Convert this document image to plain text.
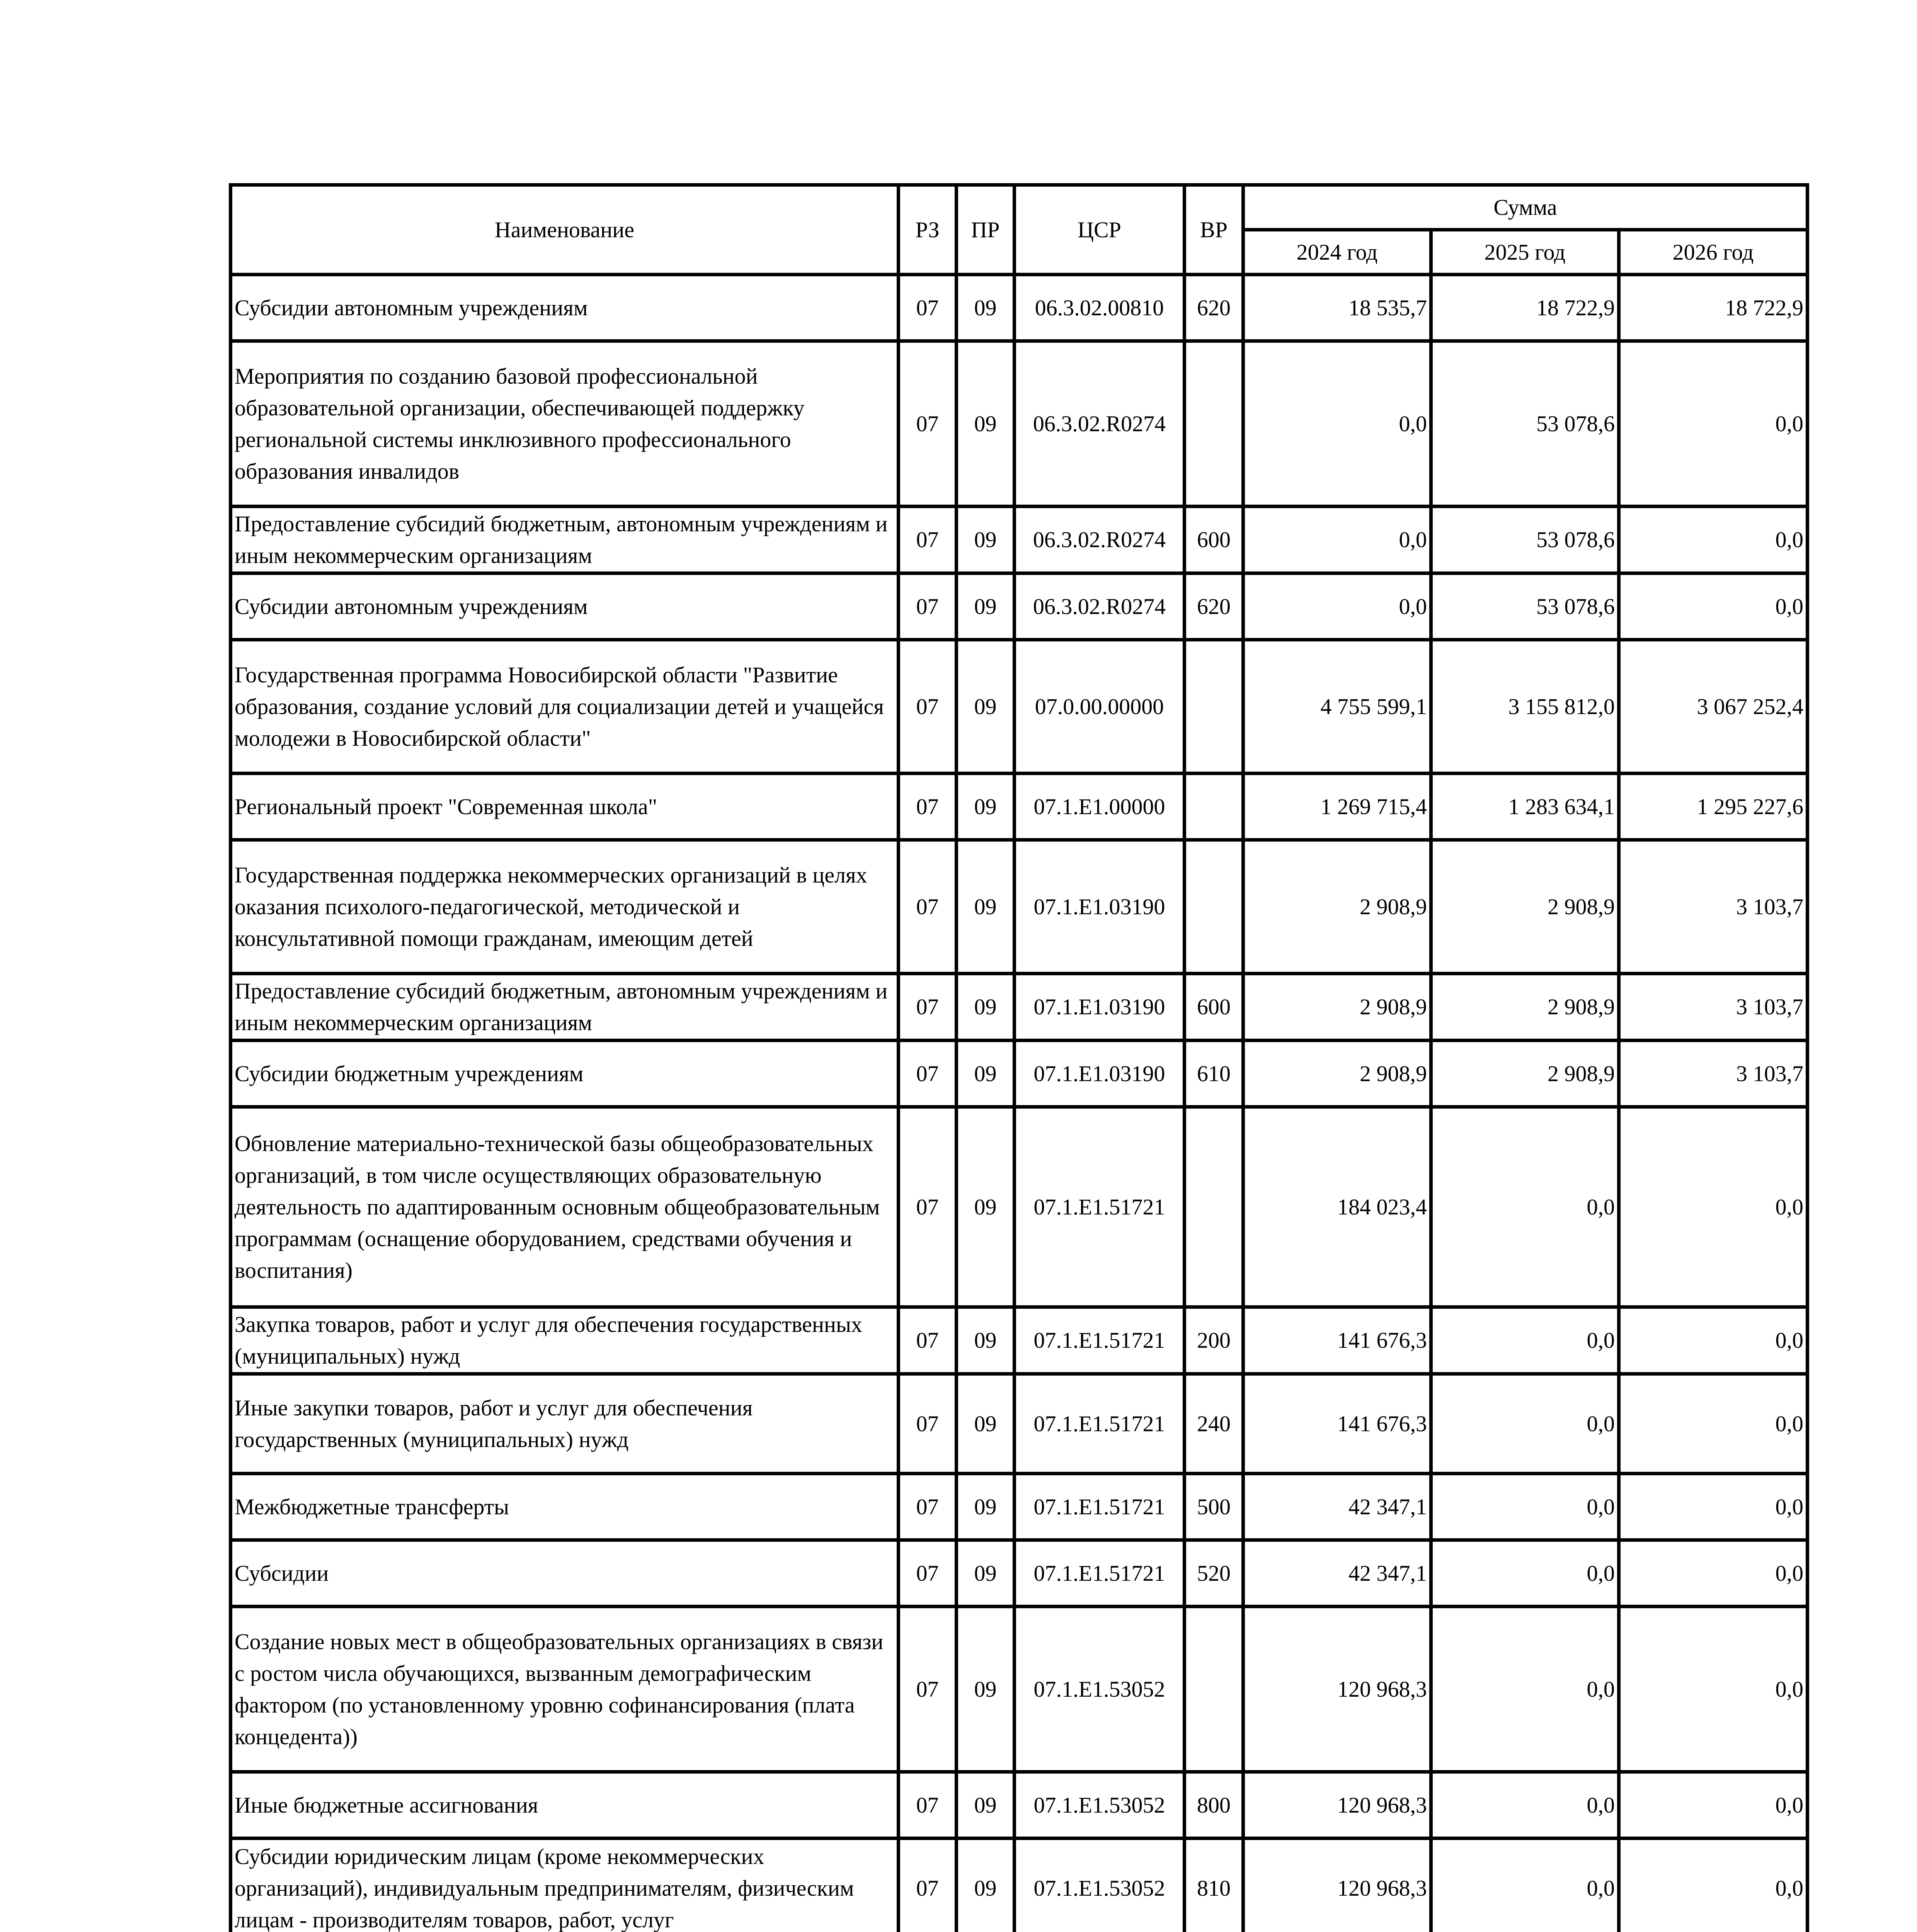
Наименование	РЗ	ПР	ЦСР	ВР	Сумма		
					2024 год	2025 год	2026 год
Субсидии автономным учреждениям	07	09	06.3.02.00810	620	18 535,7	18 722,9	18 722,9
Мероприятия по созданию базовой профессиональной образовательной организации, обеспечивающей поддержку региональной системы инклюзивного профессионального образования инвалидов	07	09	06.3.02.R0274		0,0	53 078,6	0,0
Предоставление субсидий бюджетным, автономным учреждениям и иным некоммерческим организациям	07	09	06.3.02.R0274	600	0,0	53 078,6	0,0
Субсидии автономным учреждениям	07	09	06.3.02.R0274	620	0,0	53 078,6	0,0
Государственная программа Новосибирской области "Развитие образования, создание условий для социализации детей и учащейся молодежи в Новосибирской области"	07	09	07.0.00.00000		4 755 599,1	3 155 812,0	3 067 252,4
Региональный проект "Современная школа"	07	09	07.1.E1.00000		1 269 715,4	1 283 634,1	1 295 227,6
Государственная поддержка некоммерческих организаций в целях оказания психолого-педагогической, методической и консультативной помощи гражданам, имеющим детей	07	09	07.1.E1.03190		2 908,9	2 908,9	3 103,7
Предоставление субсидий бюджетным, автономным учреждениям и иным некоммерческим организациям	07	09	07.1.E1.03190	600	2 908,9	2 908,9	3 103,7
Субсидии бюджетным учреждениям	07	09	07.1.E1.03190	610	2 908,9	2 908,9	3 103,7
Обновление материально-технической базы общеобразовательных организаций, в том числе осуществляющих образовательную деятельность по адаптированным основным общеобразовательным программам (оснащение оборудованием, средствами обучения и воспитания)	07	09	07.1.E1.51721		184 023,4	0,0	0,0
Закупка товаров, работ и услуг для обеспечения государственных (муниципальных) нужд	07	09	07.1.E1.51721	200	141 676,3	0,0	0,0
Иные закупки товаров, работ и услуг для обеспечения государственных (муниципальных) нужд	07	09	07.1.E1.51721	240	141 676,3	0,0	0,0
Межбюджетные трансферты	07	09	07.1.E1.51721	500	42 347,1	0,0	0,0
Субсидии	07	09	07.1.E1.51721	520	42 347,1	0,0	0,0
Создание новых мест в общеобразовательных организациях в связи с ростом числа обучающихся, вызванным демографическим фактором (по установленному уровню софинансирования (плата концедента))	07	09	07.1.E1.53052		120 968,3	0,0	0,0
Иные бюджетные ассигнования	07	09	07.1.E1.53052	800	120 968,3	0,0	0,0
Субсидии юридическим лицам (кроме некоммерческих организаций), индивидуальным предпринимателям, физическим лицам - производителям товаров, работ, услуг	07	09	07.1.E1.53052	810	120 968,3	0,0	0,0
